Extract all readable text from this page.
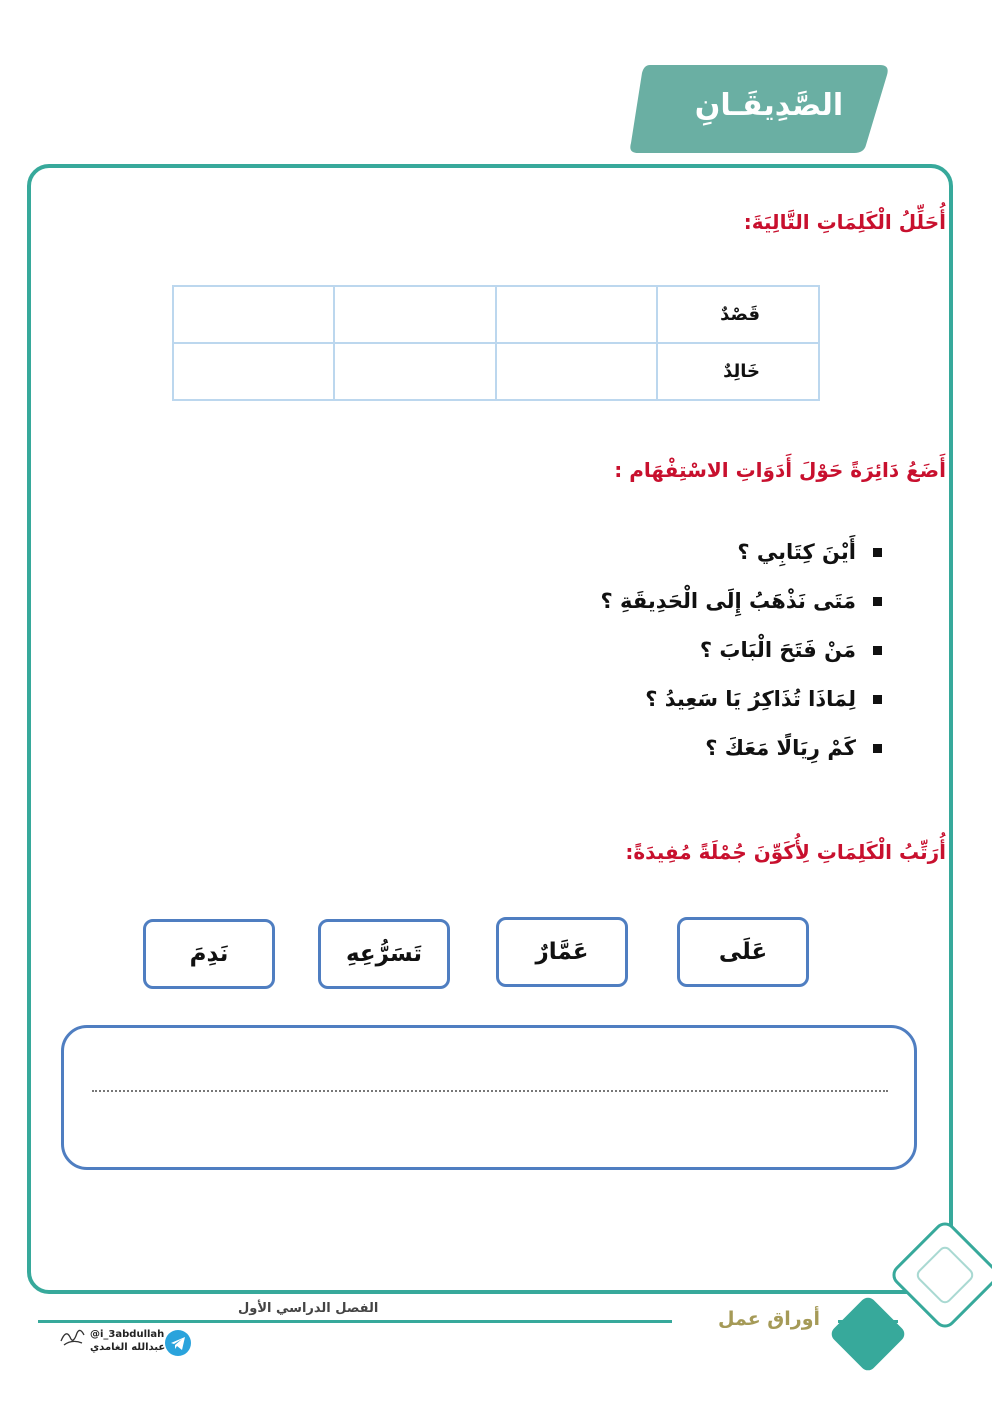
الصَّدِيقَـانِ
أُحَلِّلُ الْكَلِمَاتِ التَّالِيَةَ:
قَصْدٌ			
خَالِدٌ			
أَضَعُ دَائِرَةً حَوْلَ أَدَوَاتِ الاسْتِفْهَام :
أَيْنَ كِتَابِي ؟
مَتَى نَذْهَبُ إِلَى الْحَدِيقَةِ ؟
مَنْ فَتَحَ الْبَابَ ؟
لِمَاذَا تُذَاكِرُ يَا سَعِيدُ ؟
كَمْ رِيَالًا مَعَكَ ؟
أُرَتِّبُ الْكَلِمَاتِ لِأُكَوِّنَ جُمْلَةً مُفِيدَةً:
عَلَى
عَمَّارٌ
تَسَرُّعِهِ
نَدِمَ
الفصل الدراسي الأول	أوراق عمل
@i_3abdullah
عبدالله الغامدي
